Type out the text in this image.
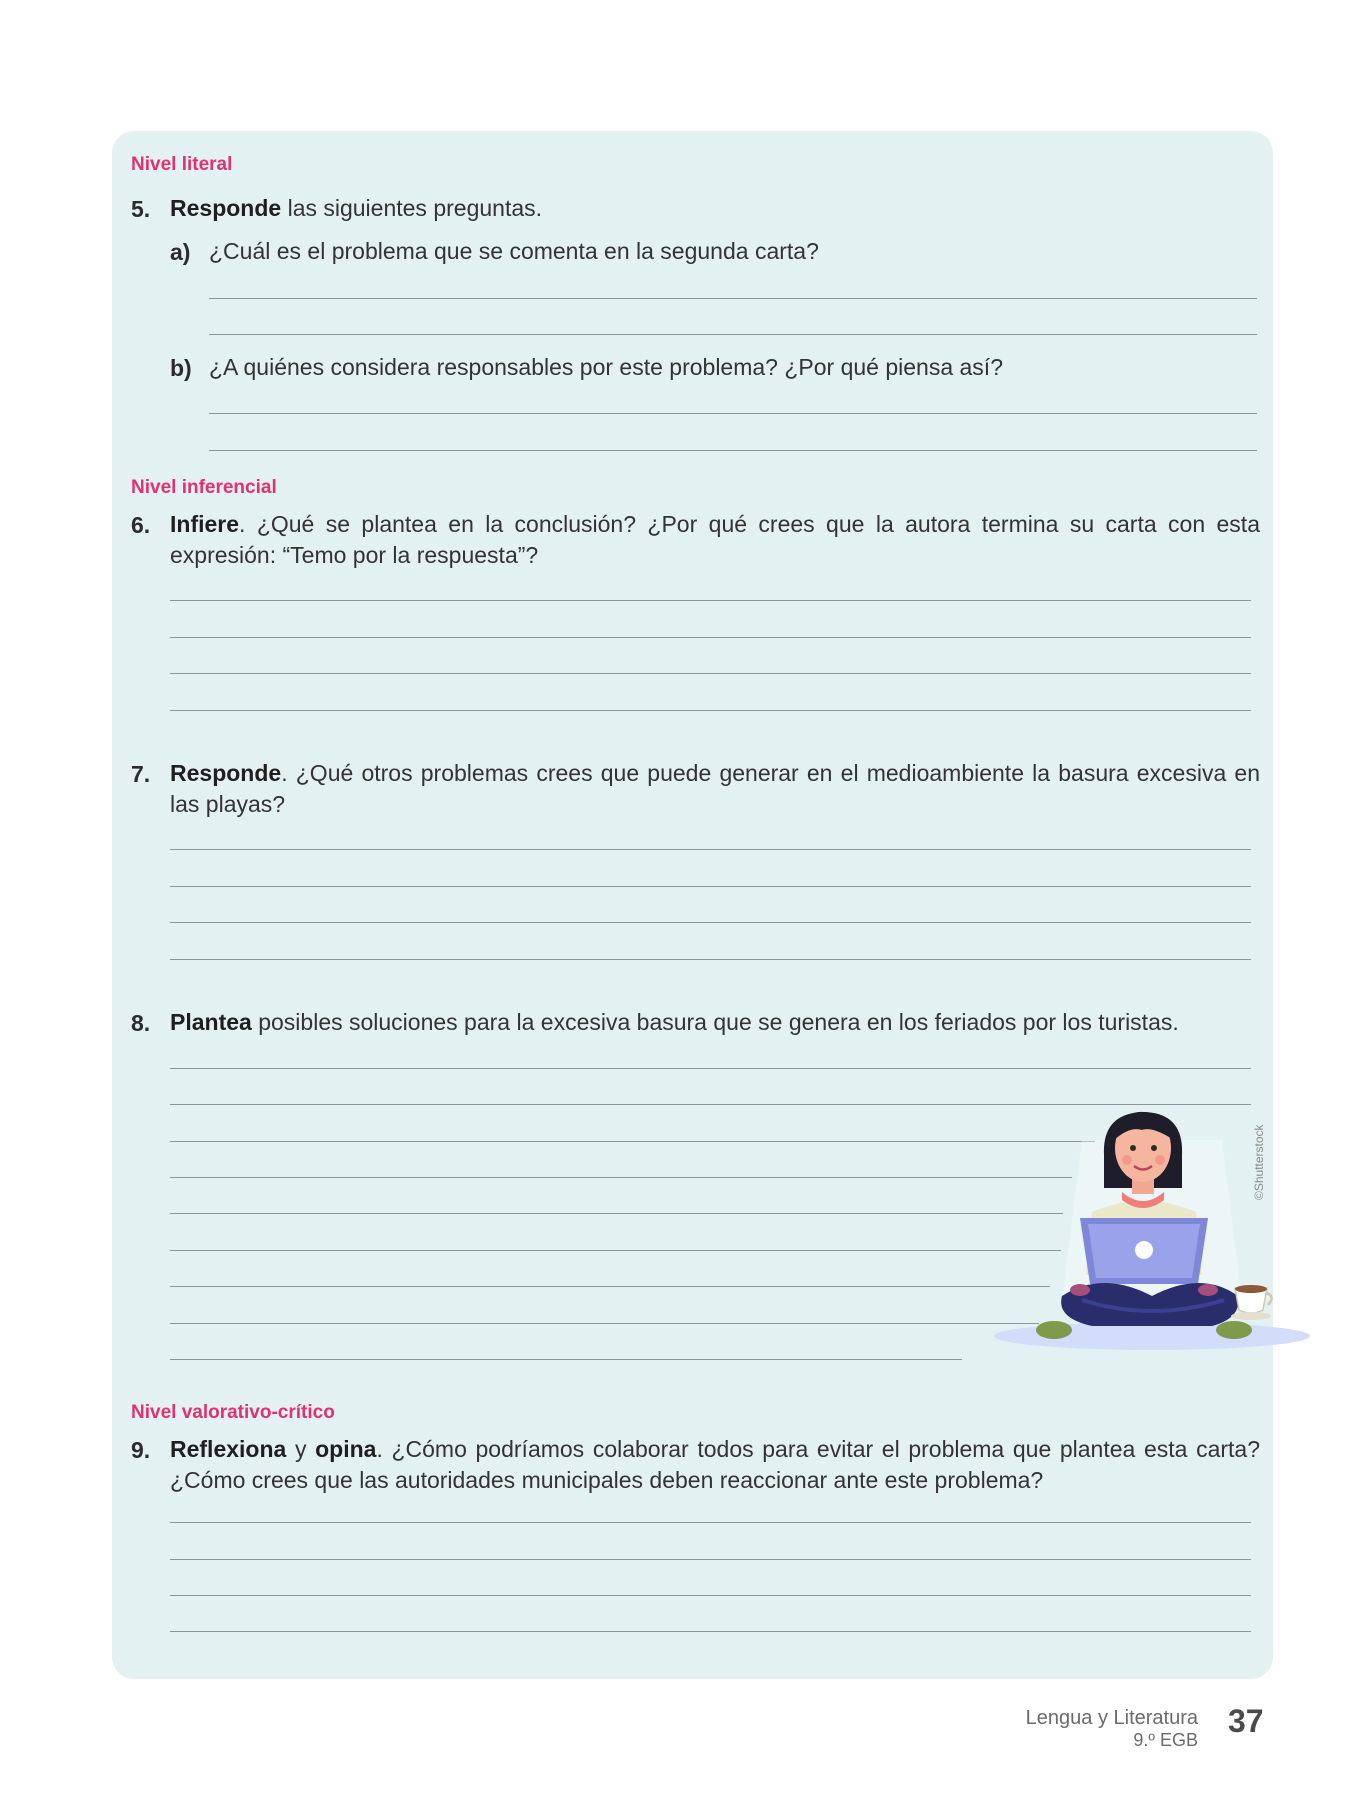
Nivel literal
5. Responde las siguientes preguntas.
a) ¿Cuál es el problema que se comenta en la segunda carta?
b) ¿A quiénes considera responsables por este problema? ¿Por qué piensa así?
Nivel inferencial
6. Infiere. ¿Qué se plantea en la conclusión? ¿Por qué crees que la autora termina su carta con esta expresión: “Temo por la respuesta”?
7. Responde. ¿Qué otros problemas crees que puede generar en el medioambiente la basura excesiva en las playas?
8. Plantea posibles soluciones para la excesiva basura que se genera en los feriados por los turistas.
©Shutterstock
Nivel valorativo-crítico
9. Reflexiona y opina. ¿Cómo podríamos colaborar todos para evitar el problema que plantea esta carta? ¿Cómo crees que las autoridades municipales deben reaccionar ante este problema?
Lengua y Literatura
9.º EGB
37
